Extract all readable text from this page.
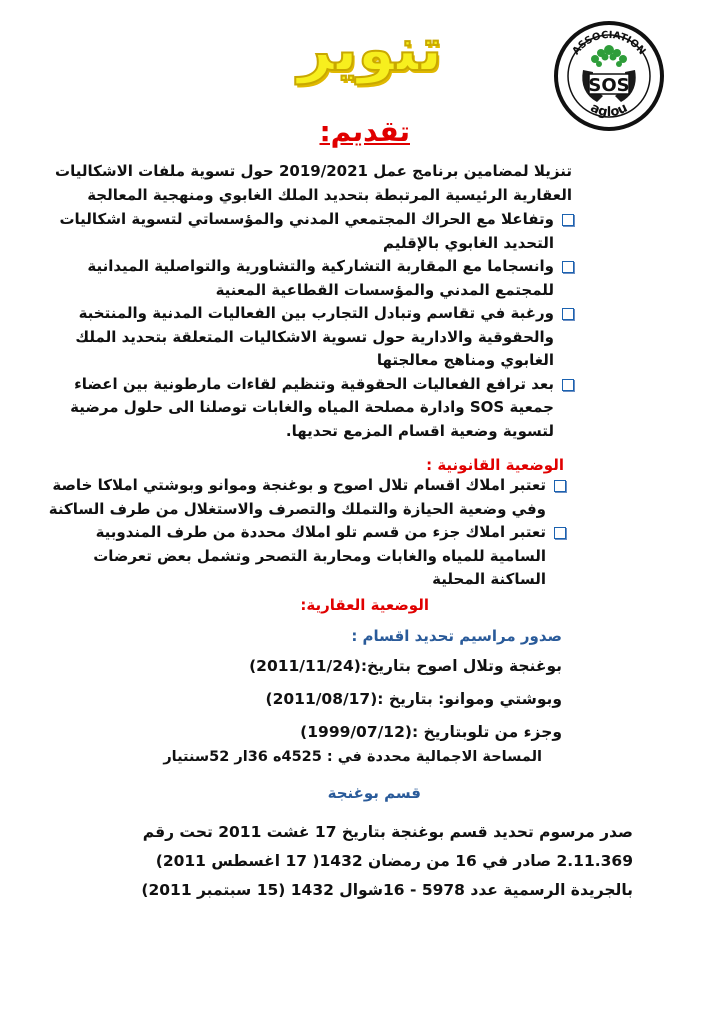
ASSOCIATION
SOS
aglou
تنوير
تقديم:
تنزيلا لمضامين برنامج عمل 2019/2021 حول تسوية ملفات الاشكاليات العقارية الرئيسية المرتبطة بتحديد الملك الغابوي ومنهجية المعالجة
وتفاعلا مع الحراك المجتمعي المدني والمؤسساتي لتسوية اشكاليات التحديد الغابوي بالإقليم
وانسجاما مع المقاربة التشاركية والتشاورية والتواصلية الميدانية للمجتمع المدني والمؤسسات القطاعية المعنية
ورغبة في تقاسم وتبادل التجارب بين الفعاليات المدنية والمنتخبة والحقوقية والادارية حول تسوية الاشكاليات المتعلقة بتحديد الملك الغابوي ومناهج معالجتها
بعد ترافع الفعاليات الحقوقية وتنظيم لقاءات مارطونية بين اعضاء جمعية SOS وادارة مصلحة المياه والغابات توصلنا الى حلول مرضية لتسوية وضعية اقسام المزمع تحديها.
الوضعية القانونية :
تعتبر املاك اقسام تلال اصوح و بوغنجة وموانو وبوشتي املاكا خاصة وفي وضعية الحيازة والتملك والتصرف والاستغلال من طرف الساكنة
تعتبر املاك جزء من قسم تلو املاك محددة من طرف المندوبية السامية للمياه والغابات ومحاربة التصحر وتشمل بعض تعرضات الساكنة المحلية
الوضعية العقارية:
صدور مراسيم تحديد اقسام :
بوغنجة وتلال اصوح بتاريخ:(2011/11/24)
وبوشتي وموانو: بتاريخ :(2011/08/17)
وجزء من تلوبتاريخ :(1999/07/12)
المساحة الاجمالية محددة في : 4525ه 36ار 52سنتيار
قسم بوغنجة
صدر مرسوم تحديد قسم بوغنجة بتاريخ 17 غشت 2011 تحت رقم 2.11.369 صادر في 16 من رمضان 1432( 17 اغسطس 2011) بالجريدة الرسمية عدد 5978 - 16شوال 1432 (15 سبتمبر 2011)
